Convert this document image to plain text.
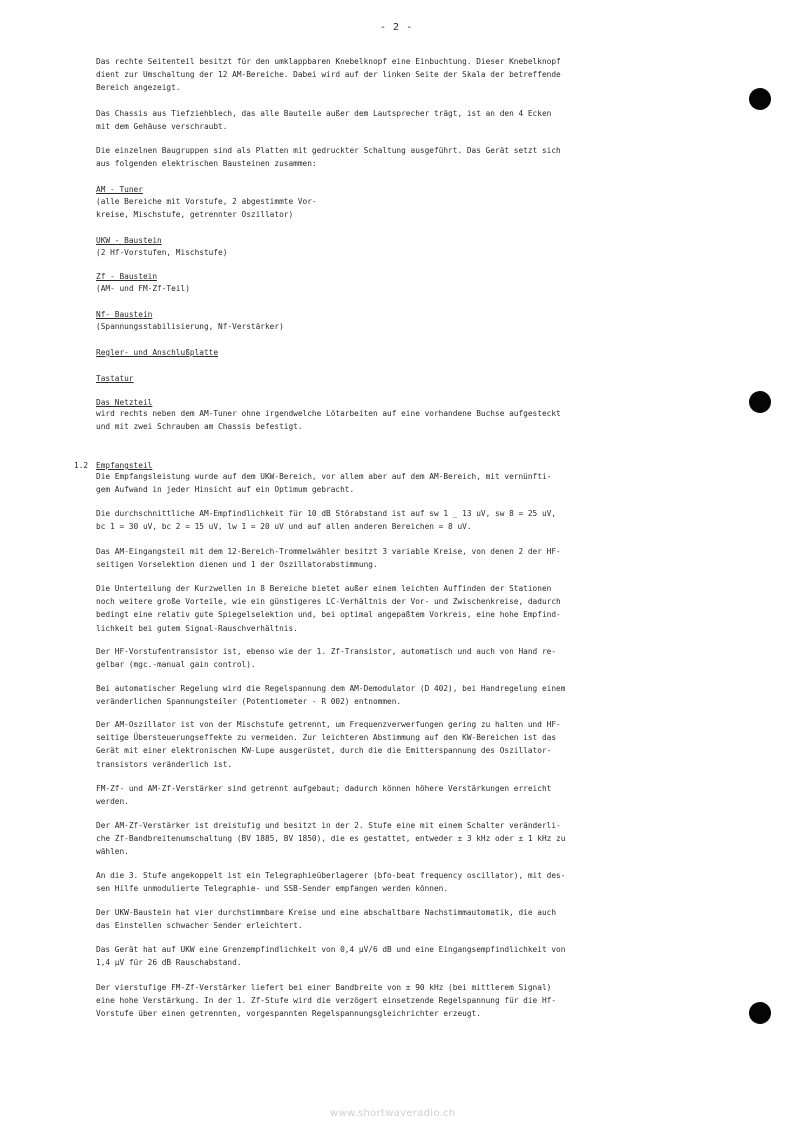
- 2 -
Das rechte Seitenteil besitzt für den umklappbaren Knebelknopf eine Einbuchtung. Dieser Knebelknopf
dient zur Umschaltung der 12 AM-Bereiche. Dabei wird auf der linken Seite der Skala der betreffende
Bereich angezeigt.
Das Chassis aus Tiefziehblech, das alle Bauteile außer dem Lautsprecher trägt, ist an den 4 Ecken
mit dem Gehäuse verschraubt.
Die einzelnen Baugruppen sind als Platten mit gedruckter Schaltung ausgeführt. Das Gerät setzt sich
aus folgenden elektrischen Bausteinen zusammen:
AM - Tuner
(alle Bereiche mit Vorstufe, 2 abgestimmte Vor-
kreise, Mischstufe, getrennter Oszillator)
UKW - Baustein
(2 Hf-Vorstufen, Mischstufe)
Zf - Baustein
(AM- und FM-Zf-Teil)
Nf- Baustein
(Spannungsstabilisierung, Nf-Verstärker)
Regler- und Anschlußplatte
Tastatur
Das Netzteil
wird rechts neben dem AM-Tuner ohne irgendwelche Lötarbeiten auf eine vorhandene Buchse aufgesteckt
und mit zwei Schrauben am Chassis befestigt.
1.2 Empfangsteil
Die Empfangsleistung wurde auf dem UKW-Bereich, vor allem aber auf dem AM-Bereich, mit vernünfti-
gem Aufwand in jeder Hinsicht auf ein Optimum gebracht.
Die durchschnittliche AM-Empfindlichkeit für 10 dB Störabstand ist auf sw 1 _ 13 uV, sw 8 = 25 uV,
bc 1 = 30 uV, bc 2 = 15 uV, lw 1 = 20 uV und auf allen anderen Bereichen = 8 uV.
Das AM-Eingangsteil mit dem 12-Bereich-Trommelwähler besitzt 3 variable Kreise, von denen 2 der HF-
seitigen Vorselektion dienen und 1 der Oszillatorabstimmung.
Die Unterteilung der Kurzwellen in 8 Bereiche bietet außer einem leichten Auffinden der Stationen
noch weitere große Vorteile, wie ein günstigeres LC-Verhältnis der Vor- und Zwischenkreise, dadurch
bedingt eine relativ gute Spiegelselektion und, bei optimal angepaßtem Vorkreis, eine hohe Empfind-
lichkeit bei gutem Signal-Rauschverhältnis.
Der HF-Vorstufentransistor ist, ebenso wie der 1. Zf-Transistor, automatisch und auch von Hand re-
gelbar (mgc.-manual gain control).
Bei automatischer Regelung wird die Regelspannung dem AM-Demodulator (D 402), bei Handregelung einem
veränderlichen Spannungsteiler (Potentiometer - R 002) entnommen.
Der AM-Oszillator ist von der Mischstufe getrennt, um Frequenzverwerfungen gering zu halten und HF-
seitige Übersteuerungseffekte zu vermeiden. Zur leichteren Abstimmung auf den KW-Bereichen ist das
Gerät mit einer elektronischen KW-Lupe ausgerüstet, durch die die Emitterspannung des Oszillator-
transistors veränderlich ist.
FM-Zf- und AM-Zf-Verstärker sind getrennt aufgebaut; dadurch können höhere Verstärkungen erreicht
werden.
Der AM-Zf-Verstärker ist dreistufig und besitzt in der 2. Stufe eine mit einem Schalter veränderli-
che Zf-Bandbreitenumschaltung (BV 1885, BV 1850), die es gestattet, entweder ± 3 kHz oder ± 1 kHz zu
wählen.
An die 3. Stufe angekoppelt ist ein Telegraphieüberlagerer (bfo-beat frequency oscillator), mit des-
sen Hilfe unmodulierte Telegraphie- und SSB-Sender empfangen werden können.
Der UKW-Baustein hat vier durchstimmbare Kreise und eine abschaltbare Nachstimmautomatik, die auch
das Einstellen schwacher Sender erleichtert.
Das Gerät hat auf UKW eine Grenzempfindlichkeit von 0,4 µV/6 dB und eine Eingangsempfindlichkeit von
1,4 µV für 26 dB Rauschabstand.
Der vierstufige FM-Zf-Verstärker liefert bei einer Bandbreite von ± 90 kHz (bei mittlerem Signal)
eine hohe Verstärkung. In der 1. Zf-Stufe wird die verzögert einsetzende Regelspannung für die Hf-
Vorstufe über einen getrennten, vorgespannten Regelspannungsgleichrichter erzeugt.
www.shortwaveradio.ch
